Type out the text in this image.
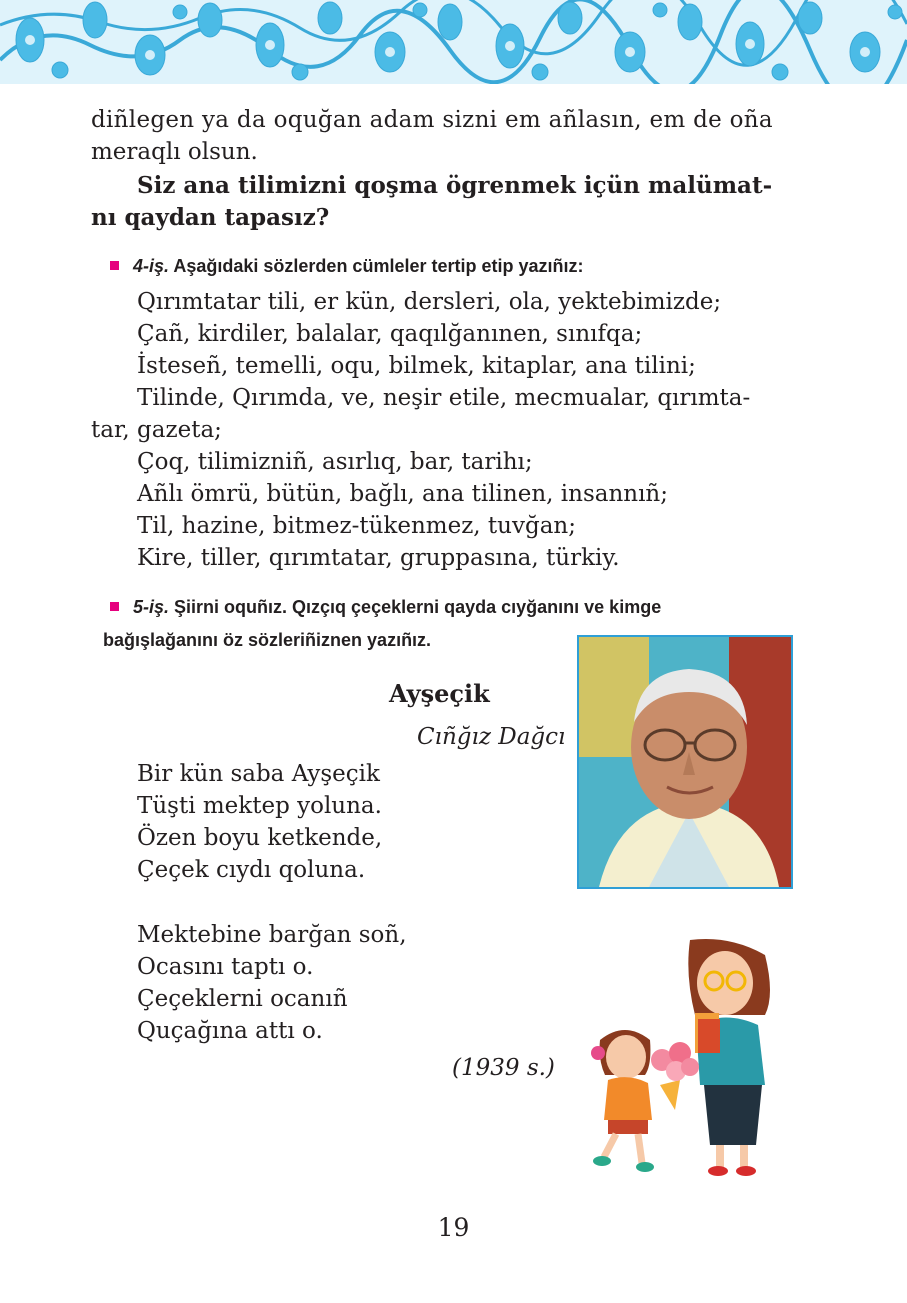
diñlegen ya da oquğan adam sizni em añlasın, em de oña
meraqlı olsun.
Siz ana tilimizni qoşma ögrenmek içün malümat-
nı qaydan tapasız?
4-iş. Aşağıdaki sözlerden cümleler tertip etip yazıñız:
Qırımtatar tili, er kün, dersleri, ola, yektebimizde;
Çañ, kirdiler, balalar, qaqılğanınen, sınıfqa;
İsteseñ, temelli, oqu, bilmek, kitaplar, ana tilini;
Tilinde, Qırımda, ve, neşir etile, mecmualar, qırımta-
tar, gazeta;
Çoq, tilimizniñ, asırlıq, bar, tarihı;
Añlı ömrü, bütün, bağlı, ana tilinen, insannıñ;
Til, hazine, bitmez-tükenmez, tuvğan;
Kire, tiller, qırımtatar, gruppasına, türkiy.
5-iş. Şiirni oquñız. Qızçıq çeçeklerni qayda cıyğanını ve kimge
bağışlağanını öz sözleriñiznen yazıñız.
Ayşeçik
Cıñğız Dağcı
Bir kün saba Ayşeçik
Tüşti mektep yoluna.
Özen boyu ketkende,
Çeçek cıydı qoluna.
Mektebine barğan soñ,
Ocasını taptı o.
Çeçeklerni ocanıñ
Quçağına attı o.
(1939 s.)
19
